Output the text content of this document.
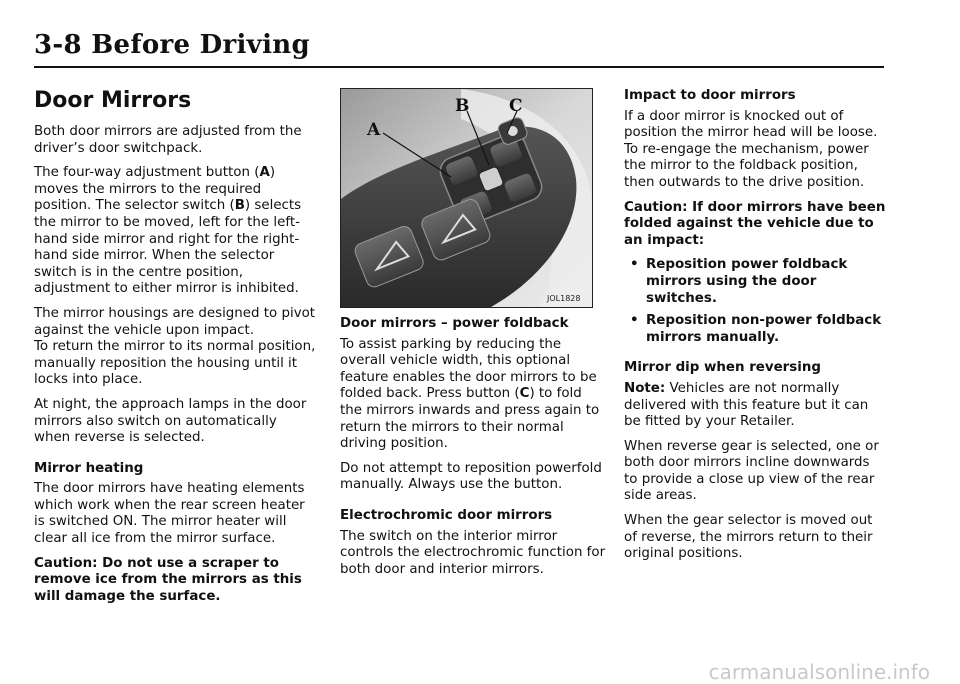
3-8 Before Driving
Door Mirrors

Both door mirrors are adjusted from the driver’s door switchpack.

The four-way adjustment button (A) moves the mirrors to the required position. The selector switch (B) selects the mirror to be moved, left for the left-hand side mirror and right for the right-hand side mirror. When the selector switch is in the centre position, adjustment to either mirror is inhibited.

The mirror housings are designed to pivot against the vehicle upon impact.
To return the mirror to its normal position, manually reposition the housing until it locks into place.

At night, the approach lamps in the door mirrors also switch on automatically when reverse is selected.

Mirror heating

The door mirrors have heating elements which work when the rear screen heater is switched ON. The mirror heater will clear all ice from the mirror surface.

Caution: Do not use a scraper to remove ice from the mirrors as this will damage the surface.

A
B C
JOL1828
Door mirrors – power foldback

To assist parking by reducing the overall vehicle width, this optional feature enables the door mirrors to be folded back. Press button (C) to fold the mirrors inwards and press again to return the mirrors to their normal driving position.

Do not attempt to reposition powerfold manually. Always use the button.

Electrochromic door mirrors

The switch on the interior mirror controls the electrochromic function for both door and interior mirrors.

Impact to door mirrors

If a door mirror is knocked out of position the mirror head will be loose.
To re-engage the mechanism, power the mirror to the foldback position, then outwards to the drive position.

Caution: If door mirrors have been folded against the vehicle due to an impact:

• Reposition power foldback mirrors using the door switches.
• Reposition non-power foldback mirrors manually.
Mirror dip when reversing

Note: Vehicles are not normally delivered with this feature but it can be fitted by your Retailer.

When reverse gear is selected, one or both door mirrors incline downwards to provide a close up view of the rear side areas.

When the gear selector is moved out of reverse, the mirrors return to their original positions.

carmanualsonline.info
